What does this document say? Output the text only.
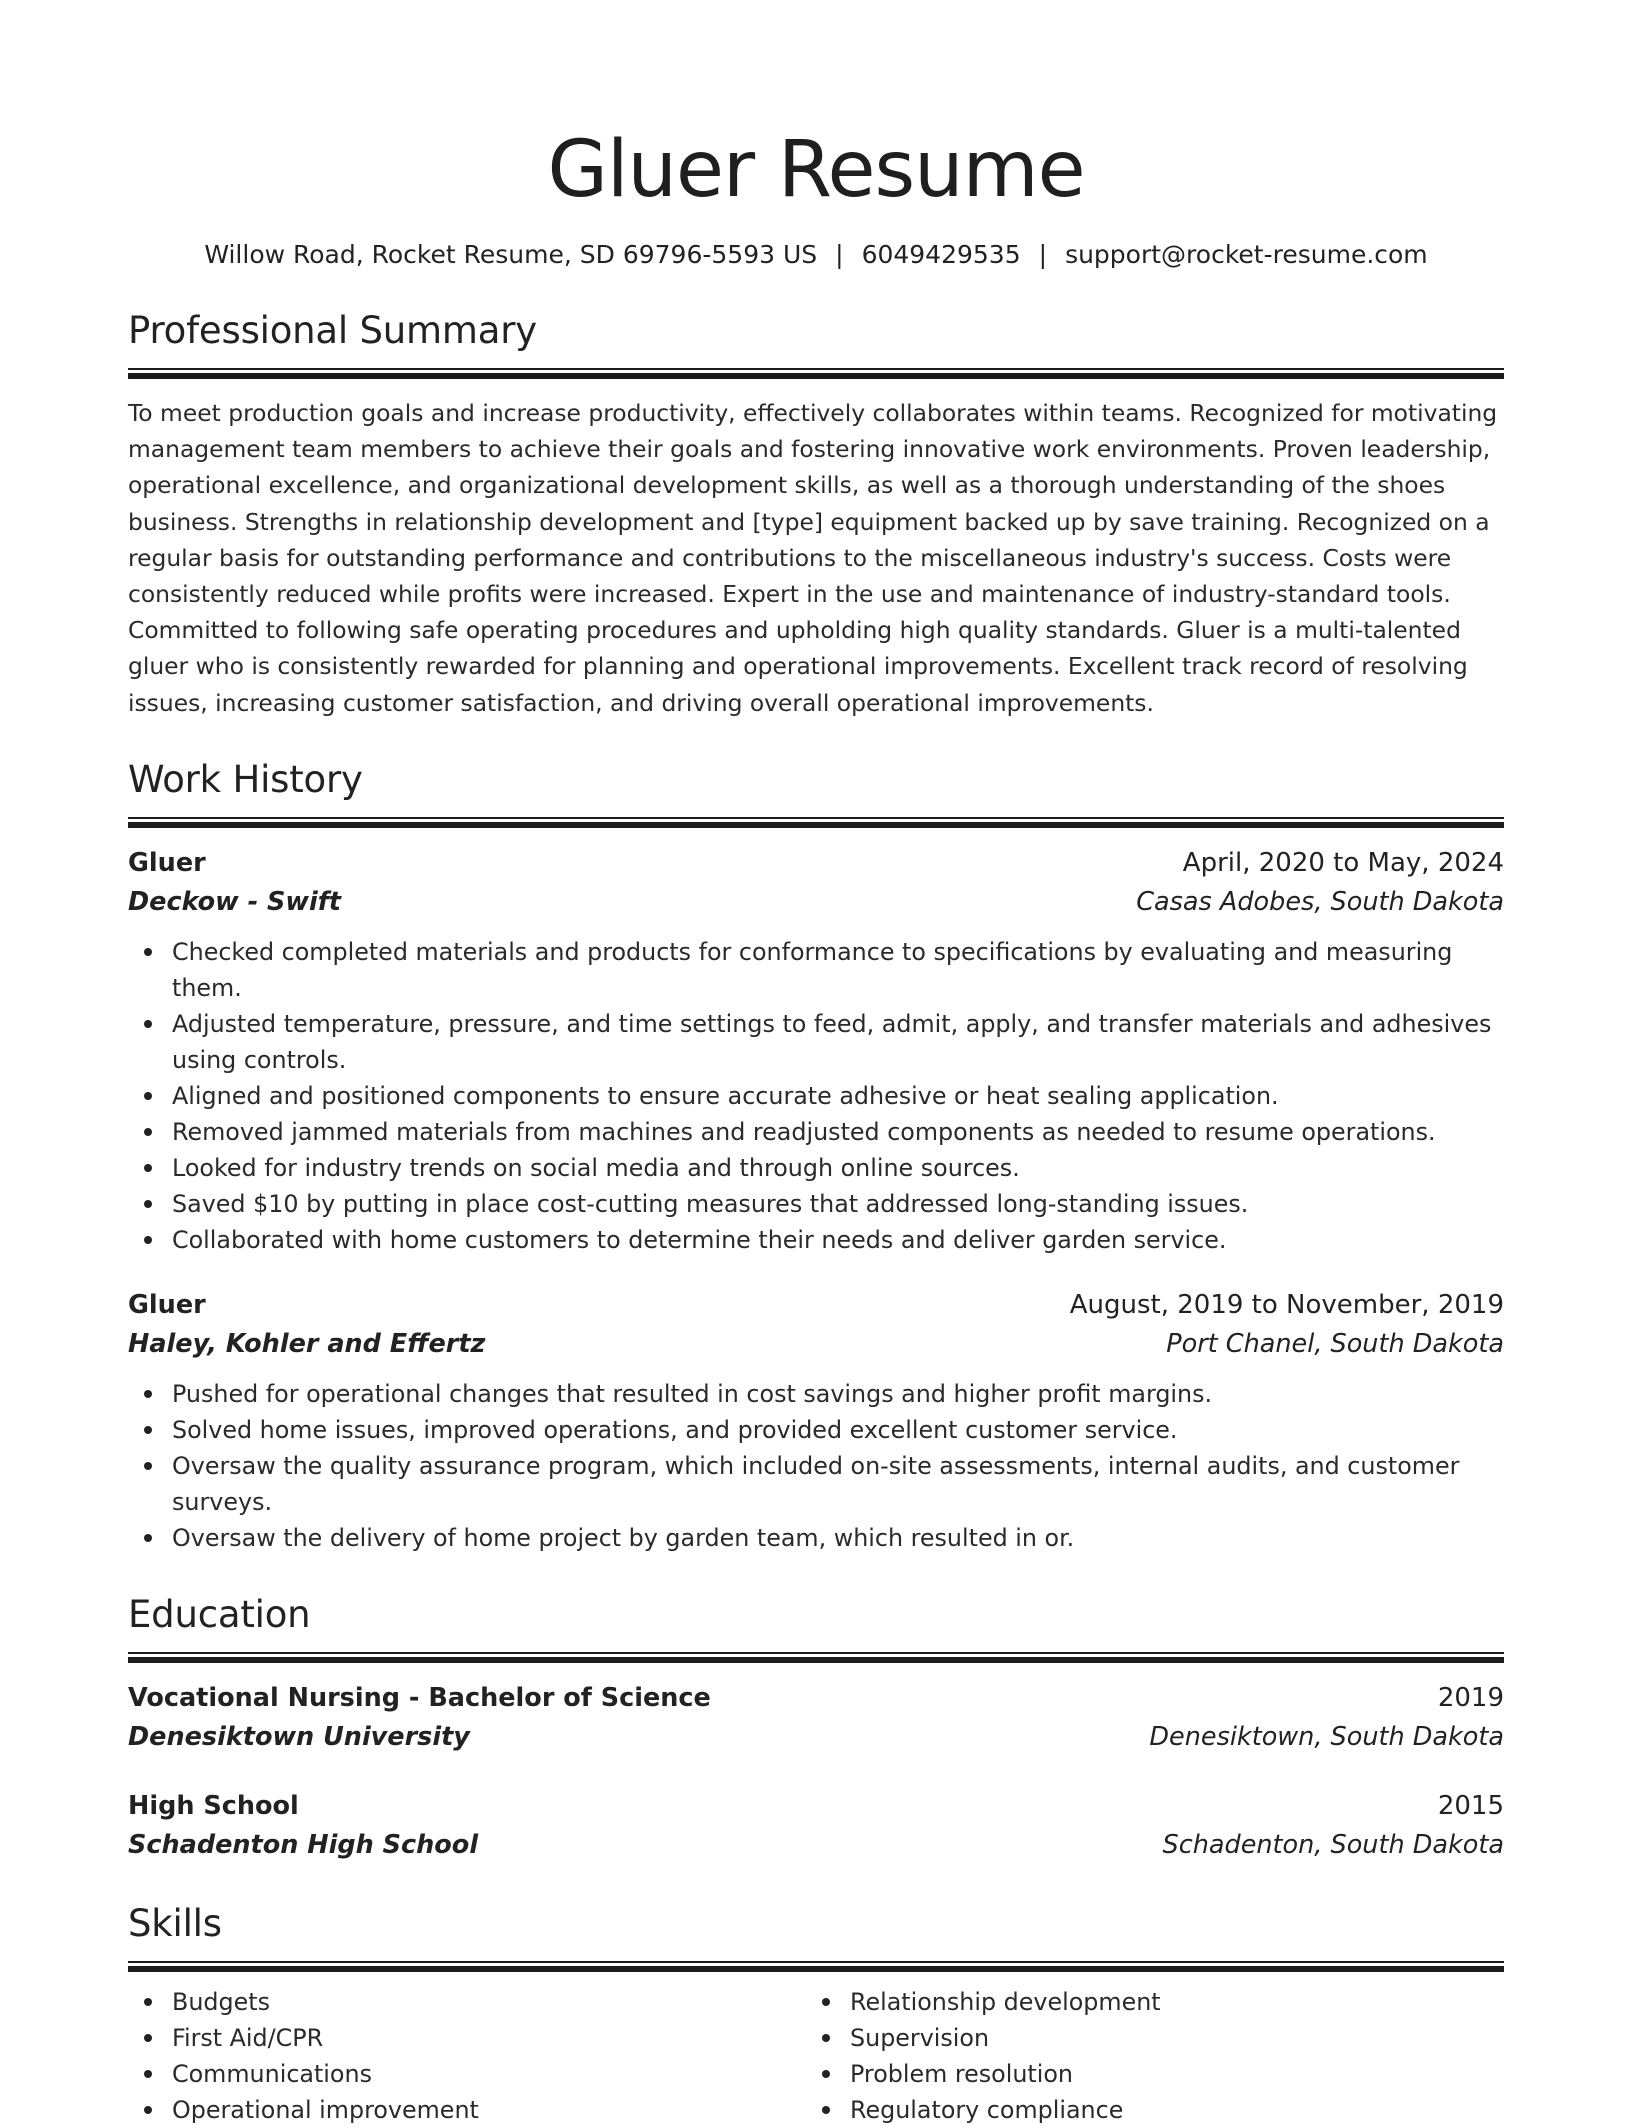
Gluer Resume
Willow Road, Rocket Resume, SD 69796-5593 US | 6049429535 | support@rocket-resume.com
Professional Summary

To meet production goals and increase productivity, effectively collaborates within teams. Recognized for motivating management team members to achieve their goals and fostering innovative work environments. Proven leadership, operational excellence, and organizational development skills, as well as a thorough understanding of the shoes business. Strengths in relationship development and [type] equipment backed up by save training. Recognized on a regular basis for outstanding performance and contributions to the miscellaneous industry's success. Costs were consistently reduced while profits were increased. Expert in the use and maintenance of industry-standard tools. Committed to following safe operating procedures and upholding high quality standards. Gluer is a multi-talented gluer who is consistently rewarded for planning and operational improvements. Excellent track record of resolving issues, increasing customer satisfaction, and driving overall operational improvements.

Work History
Gluer	April, 2020 to May, 2024
Deckow - Swift	Casas Adobes, South Dakota
Checked completed materials and products for conformance to specifications by evaluating and measuring them.
Adjusted temperature, pressure, and time settings to feed, admit, apply, and transfer materials and adhesives using controls.
Aligned and positioned components to ensure accurate adhesive or heat sealing application.
Removed jammed materials from machines and readjusted components as needed to resume operations.
Looked for industry trends on social media and through online sources.
Saved $10 by putting in place cost-cutting measures that addressed long-standing issues.
Collaborated with home customers to determine their needs and deliver garden service.
Gluer	August, 2019 to November, 2019
Haley, Kohler and Effertz	Port Chanel, South Dakota
Pushed for operational changes that resulted in cost savings and higher profit margins.
Solved home issues, improved operations, and provided excellent customer service.
Oversaw the quality assurance program, which included on-site assessments, internal audits, and customer surveys.
Oversaw the delivery of home project by garden team, which resulted in or.
Education
Vocational Nursing - Bachelor of Science	2019
Denesiktown University	Denesiktown, South Dakota
High School	2015
Schadenton High School	Schadenton, South Dakota
Skills
Budgets
First Aid/CPR
Communications
Operational improvement
Relationship development
Supervision
Problem resolution
Regulatory compliance
